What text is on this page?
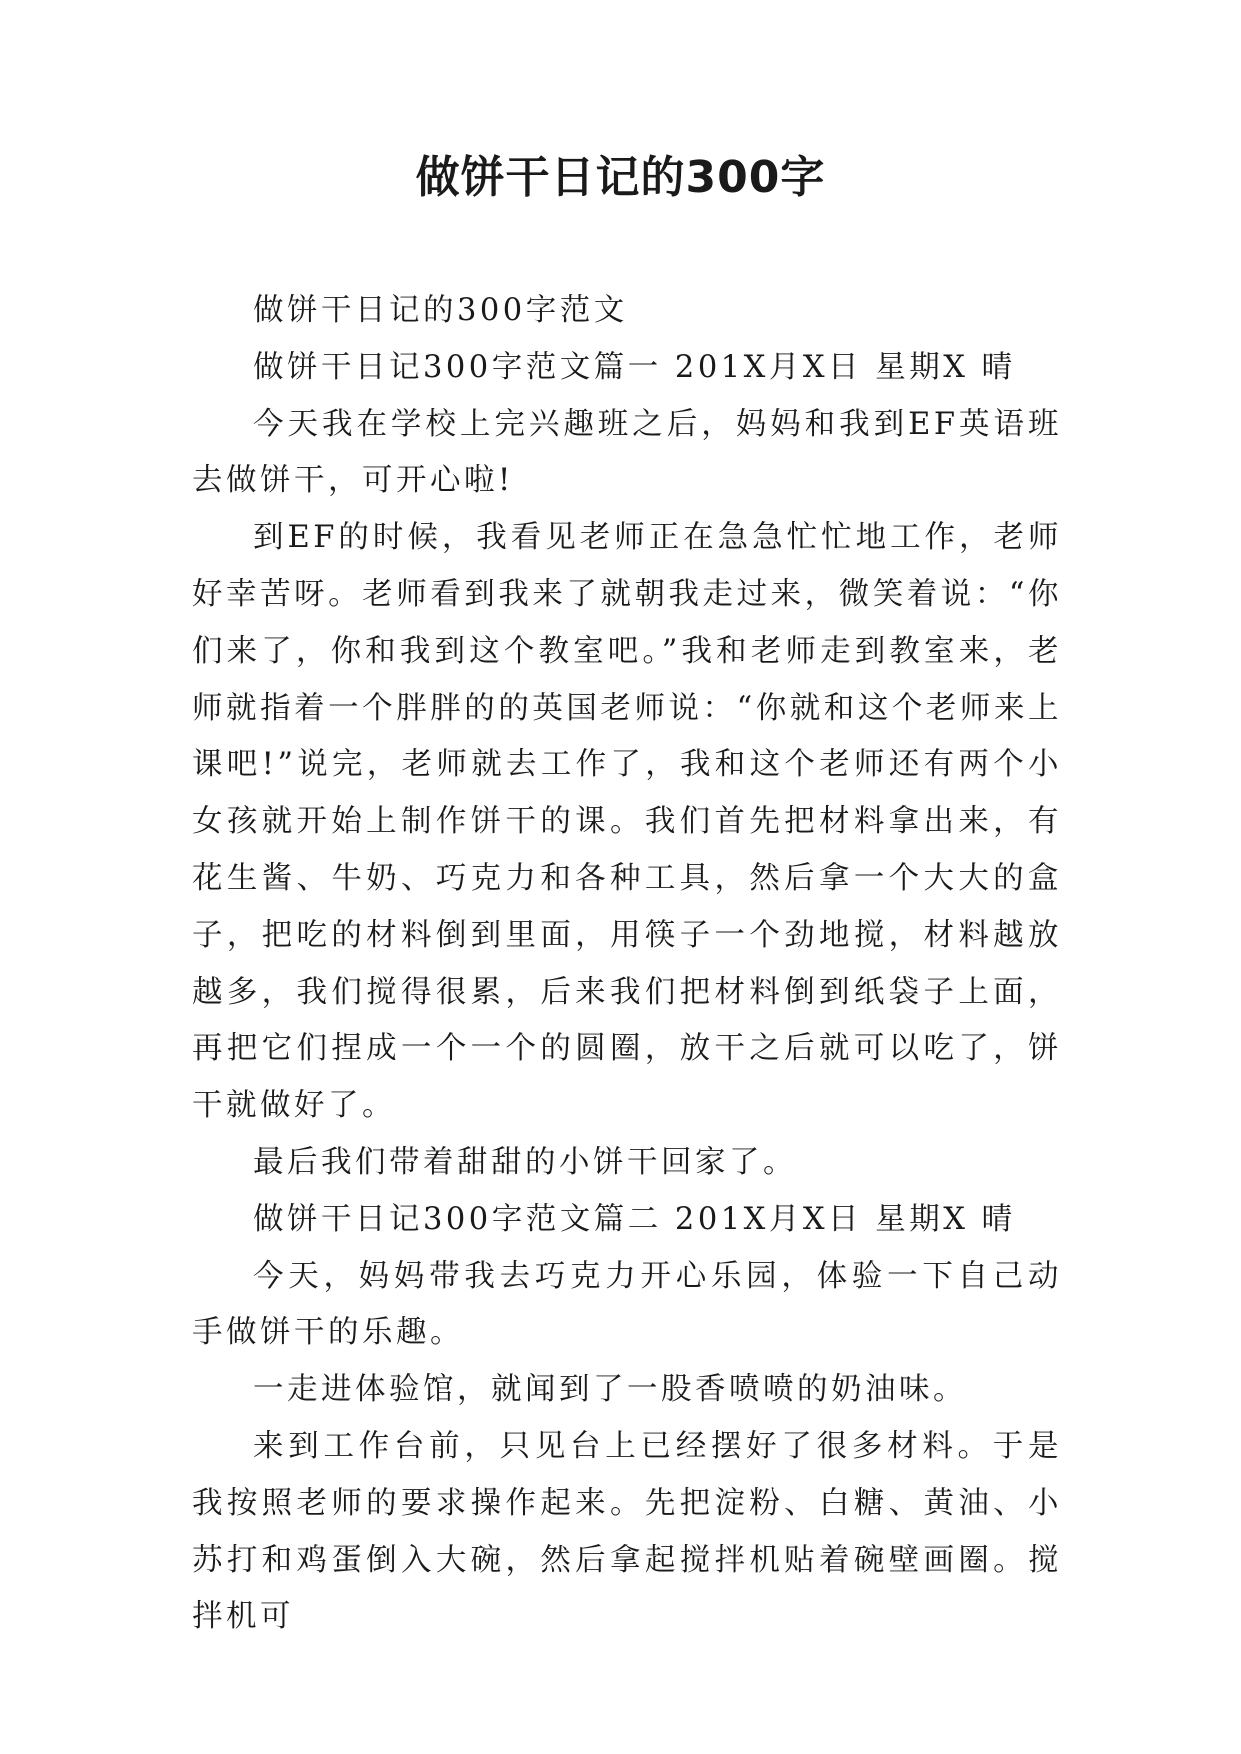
做饼干日记的300字

做饼干日记的300字范文

做饼干日记300字范文篇一 201X月X日 星期X 晴

今天我在学校上完兴趣班之后，妈妈和我到EF英语班去做饼干，可开心啦!

到EF的时候，我看见老师正在急急忙忙地工作，老师好幸苦呀。老师看到我来了就朝我走过来，微笑着说：“你们来了，你和我到这个教室吧。”我和老师走到教室来，老师就指着一个胖胖的的英国老师说：“你就和这个老师来上课吧!”说完，老师就去工作了，我和这个老师还有两个小女孩就开始上制作饼干的课。我们首先把材料拿出来，有花生酱、牛奶、巧克力和各种工具，然后拿一个大大的盒子，把吃的材料倒到里面，用筷子一个劲地搅，材料越放越多，我们搅得很累，后来我们把材料倒到纸袋子上面，再把它们捏成一个一个的圆圈，放干之后就可以吃了，饼干就做好了。

最后我们带着甜甜的小饼干回家了。

做饼干日记300字范文篇二 201X月X日 星期X 晴

今天，妈妈带我去巧克力开心乐园，体验一下自己动手做饼干的乐趣。

一走进体验馆，就闻到了一股香喷喷的奶油味。

来到工作台前，只见台上已经摆好了很多材料。于是我按照老师的要求操作起来。先把淀粉、白糖、黄油、小苏打和鸡蛋倒入大碗，然后拿起搅拌机贴着碗壁画圈。搅拌机可
